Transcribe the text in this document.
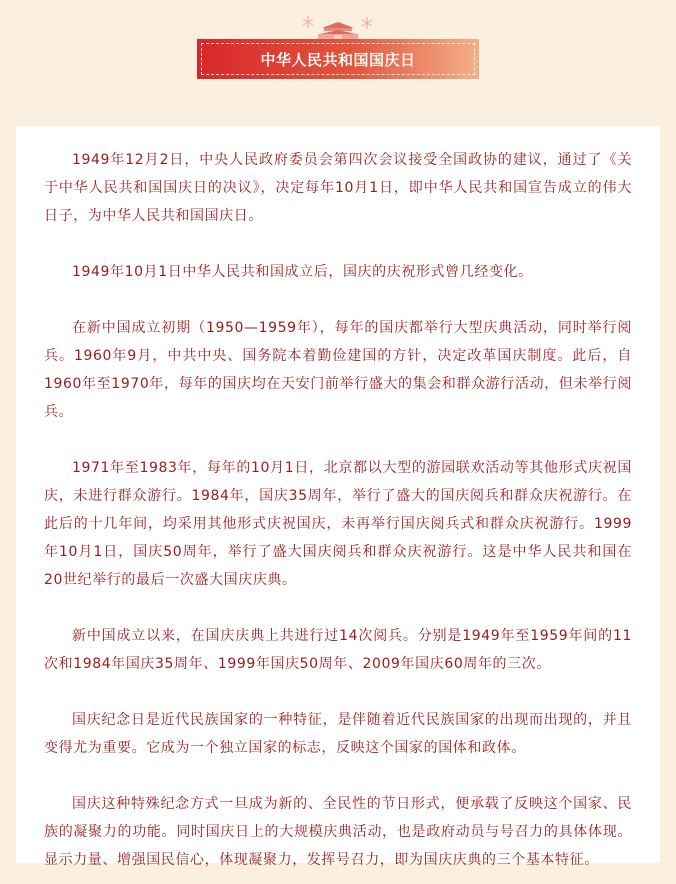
中华人民共和国国庆日

1949年12月2日，中央人民政府委员会第四次会议接受全国政协的建议，通过了《关于中华人民共和国国庆日的决议》，决定每年10月1日，即中华人民共和国宣告成立的伟大日子，为中华人民共和国国庆日。

1949年10月1日中华人民共和国成立后，国庆的庆祝形式曾几经变化。

在新中国成立初期（1950—1959年），每年的国庆都举行大型庆典活动，同时举行阅兵。1960年9月，中共中央、国务院本着勤俭建国的方针，决定改革国庆制度。此后，自1960年至1970年，每年的国庆均在天安门前举行盛大的集会和群众游行活动，但未举行阅兵。

1971年至1983年，每年的10月1日，北京都以大型的游园联欢活动等其他形式庆祝国庆，未进行群众游行。1984年，国庆35周年，举行了盛大的国庆阅兵和群众庆祝游行。在此后的十几年间，均采用其他形式庆祝国庆，未再举行国庆阅兵式和群众庆祝游行。1999年10月1日，国庆50周年，举行了盛大国庆阅兵和群众庆祝游行。这是中华人民共和国在20世纪举行的最后一次盛大国庆庆典。

新中国成立以来，在国庆庆典上共进行过14次阅兵。分别是1949年至1959年间的11次和1984年国庆35周年、1999年国庆50周年、2009年国庆60周年的三次。

国庆纪念日是近代民族国家的一种特征，是伴随着近代民族国家的出现而出现的，并且变得尤为重要。它成为一个独立国家的标志，反映这个国家的国体和政体。

国庆这种特殊纪念方式一旦成为新的、全民性的节日形式，便承载了反映这个国家、民族的凝聚力的功能。同时国庆日上的大规模庆典活动，也是政府动员与号召力的具体体现。显示力量、增强国民信心，体现凝聚力，发挥号召力，即为国庆庆典的三个基本特征。
